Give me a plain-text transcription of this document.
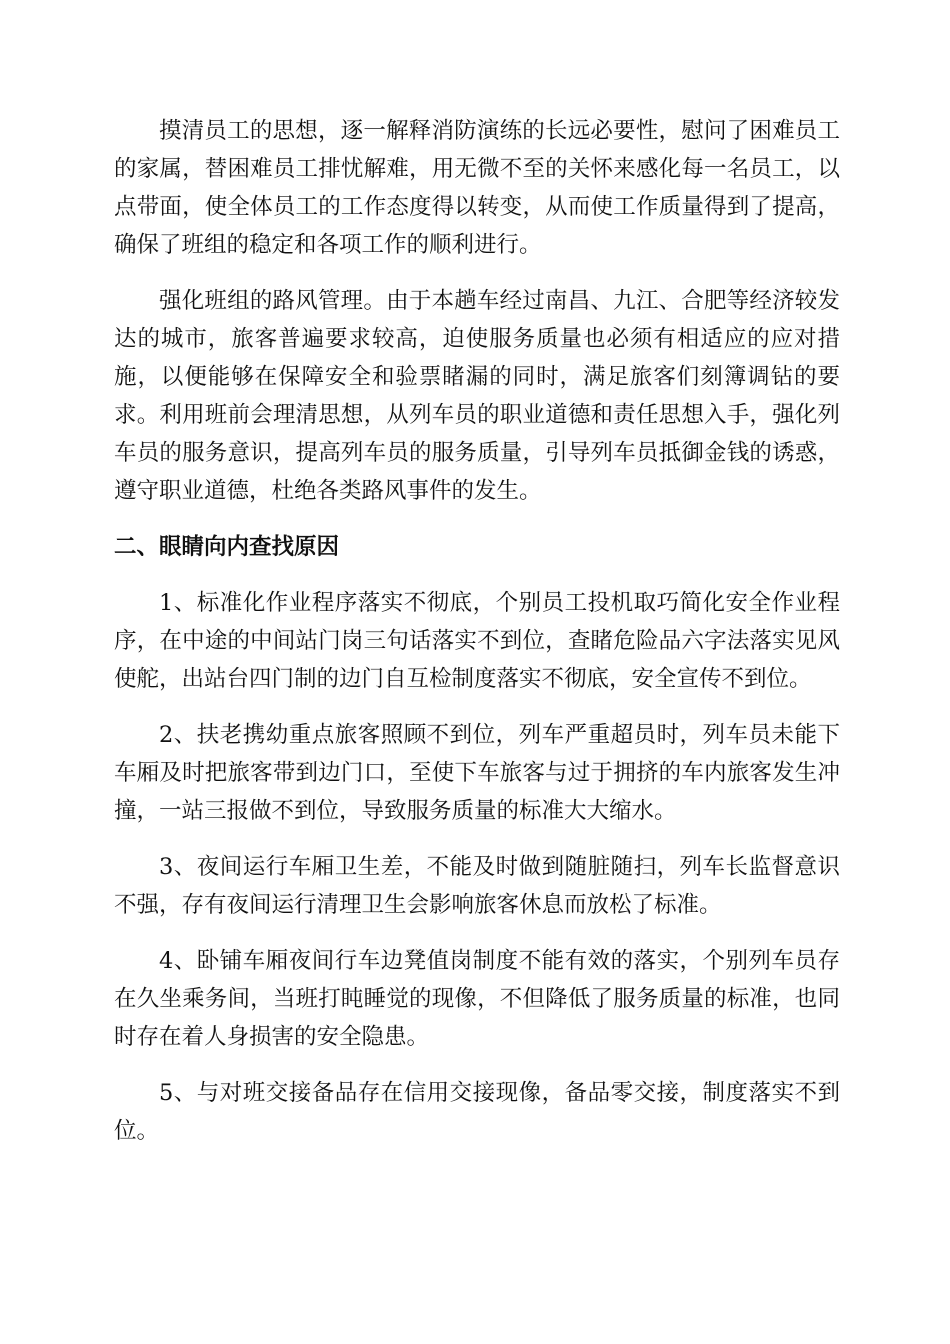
摸清员工的思想，逐一解释消防演练的长远必要性，慰问了困难员工的家属，替困难员工排忧解难，用无微不至的关怀来感化每一名员工，以点带面，使全体员工的工作态度得以转变，从而使工作质量得到了提高，确保了班组的稳定和各项工作的顺利进行。

强化班组的路风管理。由于本趟车经过南昌、九江、合肥等经济较发达的城市，旅客普遍要求较高，迫使服务质量也必须有相适应的应对措施，以便能够在保障安全和验票睹漏的同时，满足旅客们刻簿调钻的要求。利用班前会理清思想，从列车员的职业道德和责任思想入手，强化列车员的服务意识，提高列车员的服务质量，引导列车员抵御金钱的诱惑，遵守职业道德，杜绝各类路风事件的发生。

二、眼睛向内查找原因

1、标准化作业程序落实不彻底，个别员工投机取巧简化安全作业程序，在中途的中间站门岗三句话落实不到位，查睹危险品六字法落实见风使舵，出站台四门制的边门自互检制度落实不彻底，安全宣传不到位。

2、扶老携幼重点旅客照顾不到位，列车严重超员时，列车员未能下车厢及时把旅客带到边门口，至使下车旅客与过于拥挤的车内旅客发生冲撞，一站三报做不到位，导致服务质量的标准大大缩水。

3、夜间运行车厢卫生差，不能及时做到随脏随扫，列车长监督意识不强，存有夜间运行清理卫生会影响旅客休息而放松了标准。

4、卧铺车厢夜间行车边凳值岗制度不能有效的落实，个别列车员存在久坐乘务间，当班打盹睡觉的现像，不但降低了服务质量的标准，也同时存在着人身损害的安全隐患。

5、与对班交接备品存在信用交接现像，备品零交接，制度落实不到位。
